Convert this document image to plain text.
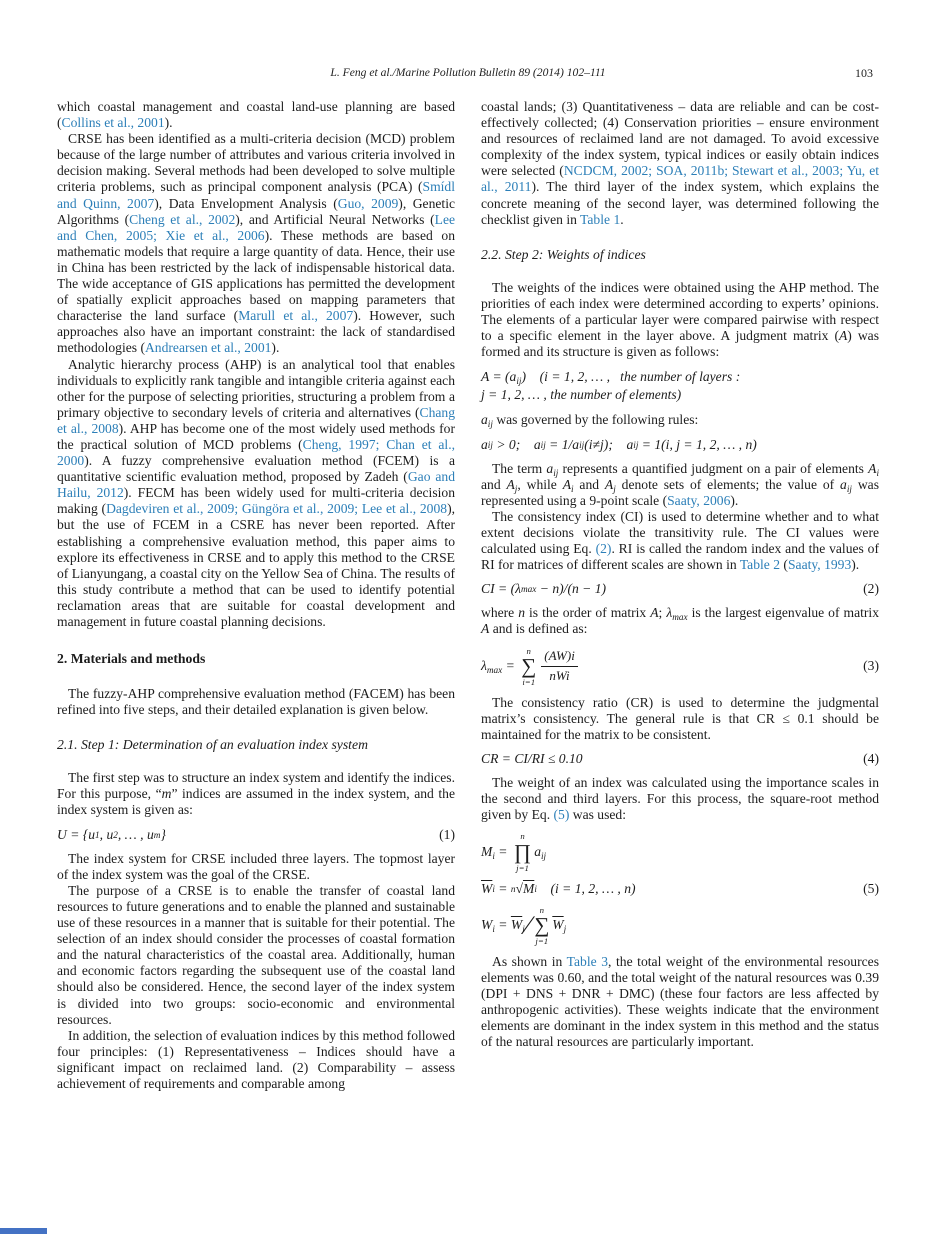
L. Feng et al./Marine Pollution Bulletin 89 (2014) 102–111	103

which coastal management and coastal land-use planning are based (Collins et al., 2001).

CRSE has been identified as a multi-criteria decision (MCD) problem because of the large number of attributes and various criteria involved in decision making. Several methods had been developed to solve multiple criteria problems, such as principal component analysis (PCA) (Smídl and Quinn, 2007), Data Envelopment Analysis (Guo, 2009), Genetic Algorithms (Cheng et al., 2002), and Artificial Neural Networks (Lee and Chen, 2005; Xie et al., 2006). These methods are based on mathematic models that require a large quantity of data. Hence, their use in China has been restricted by the lack of indispensable historical data. The wide acceptance of GIS applications has permitted the development of spatially explicit approaches based on mapping parameters that characterise the land surface (Marull et al., 2007). However, such approaches also have an important constraint: the lack of standardised methodologies (Andrearsen et al., 2001).

Analytic hierarchy process (AHP) is an analytical tool that enables individuals to explicitly rank tangible and intangible criteria against each other for the purpose of selecting priorities, structuring a problem from a primary objective to secondary levels of criteria and alternatives (Chang et al., 2008). AHP has become one of the most widely used methods for the practical solution of MCD problems (Cheng, 1997; Chan et al., 2000). A fuzzy comprehensive evaluation method (FCEM) is a quantitative scientific evaluation method, proposed by Zadeh (Gao and Hailu, 2012). FECM has been widely used for multi-criteria decision making (Dagdeviren et al., 2009; Güngöra et al., 2009; Lee et al., 2008), but the use of FCEM in a CSRE has never been reported. After establishing a comprehensive evaluation method, this paper aims to explore its effectiveness in CRSE and to apply this method to the CRSE of Lianyungang, a coastal city on the Yellow Sea of China. The results of this study contribute a method that can be used to identify potential reclamation areas that are suitable for coastal development and management in future coastal planning decisions.

2. Materials and methods

The fuzzy-AHP comprehensive evaluation method (FACEM) has been refined into five steps, and their detailed explanation is given below.

2.1. Step 1: Determination of an evaluation index system

The first step was to structure an index system and identify the indices. For this purpose, “m” indices are assumed in the index system, and the index system is given as:

U = {u 1 , u 2 , … , u m }	(1)

The index system for CRSE included three layers. The topmost layer of the index system was the goal of the CRSE.

The purpose of a CRSE is to enable the transfer of coastal land resources to future generations and to enable the planned and sustainable use of these resources in a manner that is suitable for their potential. The selection of an index should consider the processes of coastal formation and the natural characteristics of the coastal area. Additionally, human and economic factors regarding the subsequent use of the coastal land should also be considered. Hence, the second layer of the index system is divided into two groups: socio-economic and environmental resources.

In addition, the selection of evaluation indices by this method followed four principles: (1) Representativeness – Indices should have a significant impact on reclaimed land. (2) Comparability – assess achievement of requirements and comparable among

coastal lands; (3) Quantitativeness – data are reliable and can be cost-effectively collected; (4) Conservation priorities – ensure environment and resources of reclaimed land are not damaged. To avoid excessive complexity of the index system, typical indices or easily obtain indices were selected (NCDCM, 2002; SOA, 2011b; Stewart et al., 2003; Yu, et al., 2011). The third layer of the index system, which explains the concrete meaning of the second layer, was determined following the checklist given in Table 1.

2.2. Step 2: Weights of indices

The weights of the indices were obtained using the AHP method. The priorities of each index were determined according to experts’ opinions. The elements of a particular layer were compared pairwise with respect to a specific element in the layer above. A judgment matrix (A) was formed and its structure is given as follows:

$A = (a_{ij})$  (i = 1, 2, … ,  the number of layers :
j = 1, 2, … , the number of elements)

$a_{ij}$ was governed by the following rules:

a ij > 0; a ij = 1/a ij (i≠j); a ij = 1(i, j = 1, 2, … , n)

The term $a_{ij}$ represents a quantified judgment on a pair of elements $A_i$ and $A_j$, while $A_i$ and $A_j$ denote sets of elements; the value of $a_{ij}$ was represented using a 9-point scale (Saaty, 2006).

The consistency index (CI) is used to determine whether and to what extent decisions violate the transitivity rule. The CI values were calculated using Eq. (2). RI is called the random index and the values of RI for matrices of different scales are shown in Table 2 (Saaty, 1993).

CI = (λ max − n)/(n − 1)	(2)

where n is the order of matrix A; $\lambda_{max}$ is the largest eigenvalue of matrix A and is defined as:

$\lambda_{max}$ =
n
∑
$i=1 \frac{(AW)i}{\text{nWi}}$	(3)

The consistency ratio (CR) is used to determine the judgmental matrix’s consistency. The general rule is that CR ≤ 0.1 should be maintained for the matrix to be consistent.

CR = CI/RI ≤ 0.10	(4)

The weight of an index was calculated using the importance scales in the second and third layers. For this process, the square-root method given by Eq. (5) was used:

$M_i$ =
n
∏
j=1
$a_{ij}$
$\overline{W}$ i = n √ M i  (i = 1, 2, … , n)	(5)
$W_i = \overline{W}_i$ ∕
n
∑
j=1
$\overline{W}_j$

As shown in Table 3, the total weight of the environmental resources elements was 0.60, and the total weight of the natural resources was 0.39 (DPI + DNS + DNR + DMC) (these four factors are less affected by anthropogenic activities). These weights indicate that the environment elements are dominant in the index system in this method and the status of the natural resources are particularly important.
